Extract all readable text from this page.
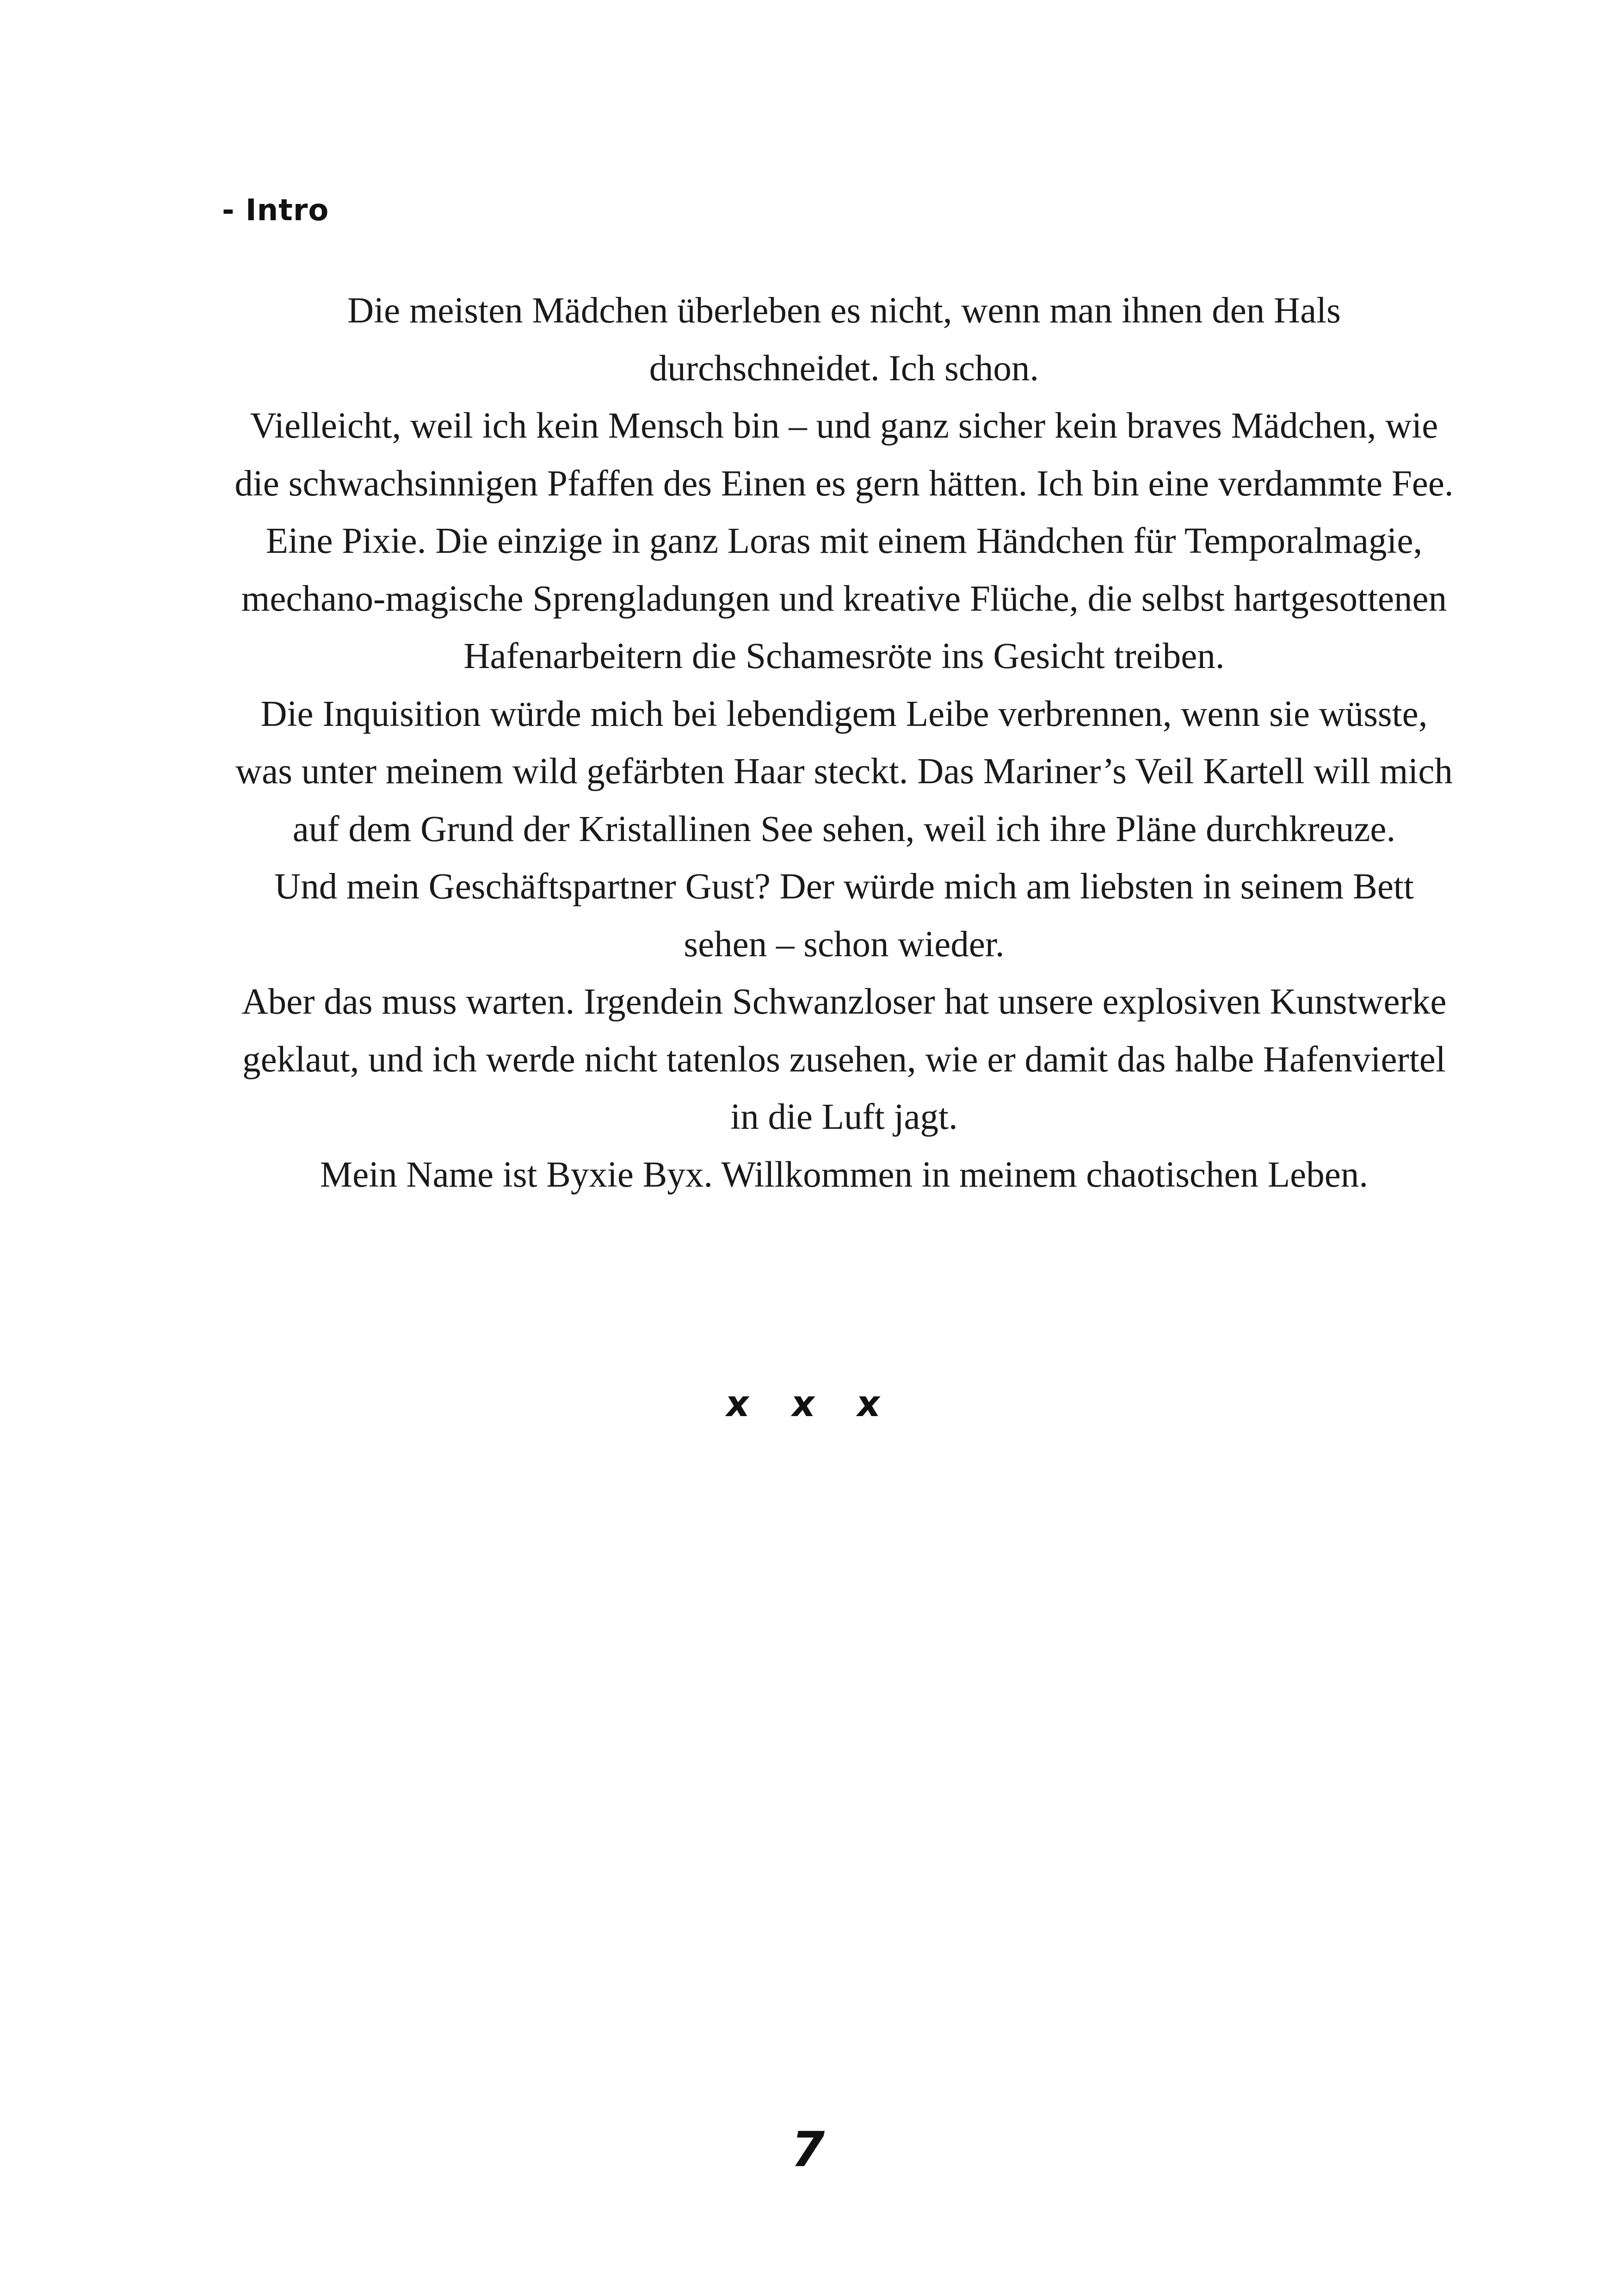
- Intro

Die meisten Mädchen überleben es nicht, wenn man ihnen den Hals durchschneidet. Ich schon.

Vielleicht, weil ich kein Mensch bin – und ganz sicher kein braves Mädchen, wie die schwachsinnigen Pfaffen des Einen es gern hätten. Ich bin eine verdammte Fee. Eine Pixie. Die einzige in ganz Loras mit einem Händchen für Temporalmagie, mechano-magische Sprengladungen und kreative Flüche, die selbst hartgesottenen Hafenarbeitern die Schamesröte ins Gesicht treiben.

Die Inquisition würde mich bei lebendigem Leibe verbrennen, wenn sie wüsste, was unter meinem wild gefärbten Haar steckt. Das Mariner’s Veil Kartell will mich auf dem Grund der Kristallinen See sehen, weil ich ihre Pläne durchkreuze.

Und mein Geschäftspartner Gust? Der würde mich am liebsten in seinem Bett sehen – schon wieder.

Aber das muss warten. Irgendein Schwanzloser hat unsere explosiven Kunstwerke geklaut, und ich werde nicht tatenlos zusehen, wie er damit das halbe Hafenviertel in die Luft jagt.

Mein Name ist Byxie Byx. Willkommen in meinem chaotischen Leben.

x x x
7
